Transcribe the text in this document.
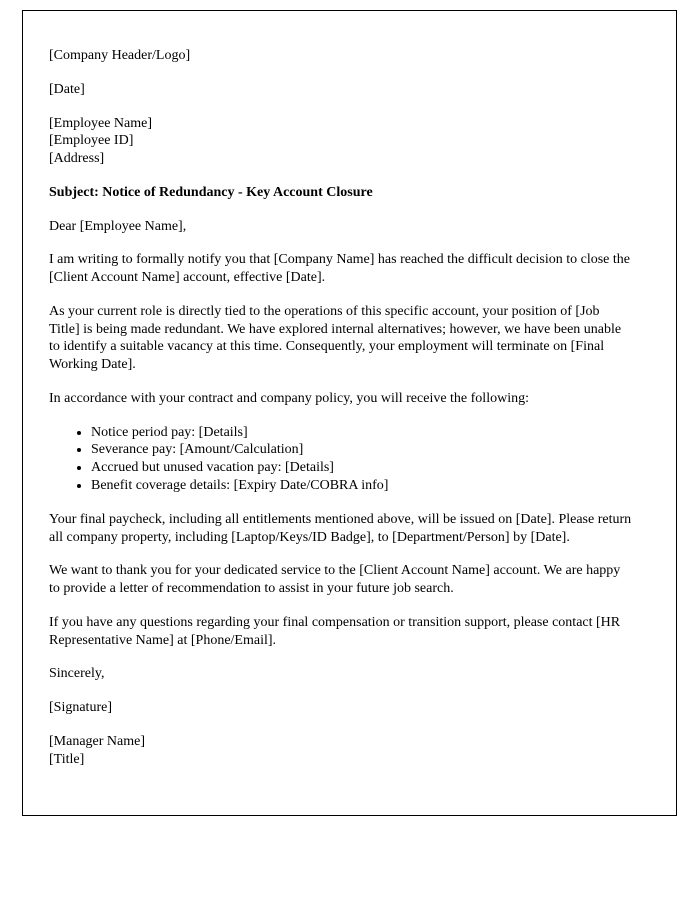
[Company Header/Logo]

[Date]

[Employee Name]

[Employee ID]

[Address]

Subject: Notice of Redundancy - Key Account Closure

Dear [Employee Name],

I am writing to formally notify you that [Company Name] has reached the difficult decision to close the [Client Account Name] account, effective [Date].

As your current role is directly tied to the operations of this specific account, your position of [Job Title] is being made redundant. We have explored internal alternatives; however, we have been unable to identify a suitable vacancy at this time. Consequently, your employment will terminate on [Final Working Date].

In accordance with your contract and company policy, you will receive the following:

• Notice period pay: [Details]
• Severance pay: [Amount/Calculation]
• Accrued but unused vacation pay: [Details]
• Benefit coverage details: [Expiry Date/COBRA info]

Your final paycheck, including all entitlements mentioned above, will be issued on [Date]. Please return all company property, including [Laptop/Keys/ID Badge], to [Department/Person] by [Date].

We want to thank you for your dedicated service to the [Client Account Name] account. We are happy to provide a letter of recommendation to assist in your future job search.

If you have any questions regarding your final compensation or transition support, please contact [HR Representative Name] at [Phone/Email].

Sincerely,

[Signature]

[Manager Name]

[Title]
